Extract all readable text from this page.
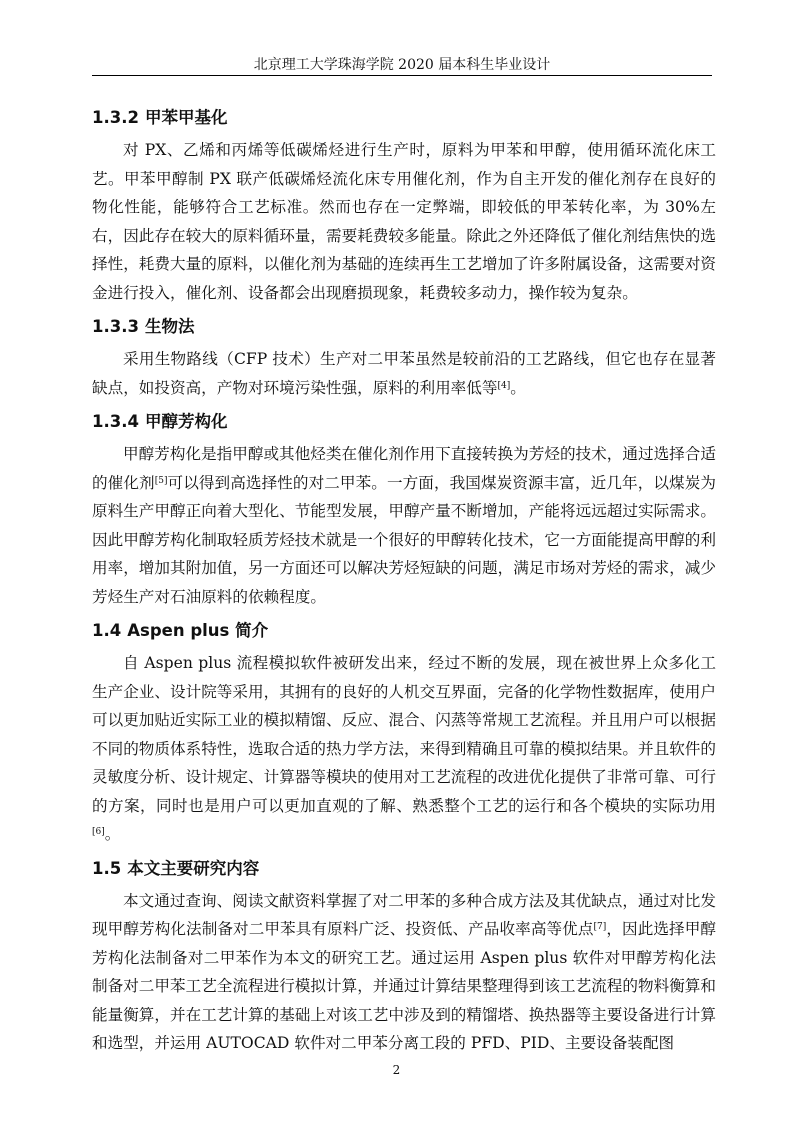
北京理工大学珠海学院 2020 届本科生毕业设计
1.3.2 甲苯甲基化

对 PX、乙烯和丙烯等低碳烯烃进行生产时，原料为甲苯和甲醇，使用循环流化床工艺。甲苯甲醇制 PX 联产低碳烯烃流化床专用催化剂，作为自主开发的催化剂存在良好的物化性能，能够符合工艺标准。然而也存在一定弊端，即较低的甲苯转化率，为 30%左右，因此存在较大的原料循环量，需要耗费较多能量。除此之外还降低了催化剂结焦快的选择性，耗费大量的原料，以催化剂为基础的连续再生工艺增加了许多附属设备，这需要对资金进行投入，催化剂、设备都会出现磨损现象，耗费较多动力，操作较为复杂。

1.3.3 生物法

采用生物路线（CFP 技术）生产对二甲苯虽然是较前沿的工艺路线，但它也存在显著缺点，如投资高，产物对环境污染性强，原料的利用率低等[4]。

1.3.4 甲醇芳构化

甲醇芳构化是指甲醇或其他烃类在催化剂作用下直接转换为芳烃的技术，通过选择合适的催化剂[5]可以得到高选择性的对二甲苯。一方面，我国煤炭资源丰富，近几年，以煤炭为原料生产甲醇正向着大型化、节能型发展，甲醇产量不断增加，产能将远远超过实际需求。因此甲醇芳构化制取轻质芳烃技术就是一个很好的甲醇转化技术，它一方面能提高甲醇的利用率，增加其附加值，另一方面还可以解决芳烃短缺的问题，满足市场对芳烃的需求，减少芳烃生产对石油原料的依赖程度。

1.4 Aspen plus 简介

自 Aspen plus 流程模拟软件被研发出来，经过不断的发展，现在被世界上众多化工生产企业、设计院等采用，其拥有的良好的人机交互界面，完备的化学物性数据库，使用户可以更加贴近实际工业的模拟精馏、反应、混合、闪蒸等常规工艺流程。并且用户可以根据不同的物质体系特性，选取合适的热力学方法，来得到精确且可靠的模拟结果。并且软件的灵敏度分析、设计规定、计算器等模块的使用对工艺流程的改进优化提供了非常可靠、可行的方案，同时也是用户可以更加直观的了解、熟悉整个工艺的运行和各个模块的实际功用[6]。

1.5 本文主要研究内容

本文通过查询、阅读文献资料掌握了对二甲苯的多种合成方法及其优缺点，通过对比发现甲醇芳构化法制备对二甲苯具有原料广泛、投资低、产品收率高等优点[7]，因此选择甲醇芳构化法制备对二甲苯作为本文的研究工艺。通过运用 Aspen plus 软件对甲醇芳构化法制备对二甲苯工艺全流程进行模拟计算，并通过计算结果整理得到该工艺流程的物料衡算和能量衡算，并在工艺计算的基础上对该工艺中涉及到的精馏塔、换热器等主要设备进行计算和选型，并运用 AUTOCAD 软件对二甲苯分离工段的 PFD、PID、主要设备装配图

2
